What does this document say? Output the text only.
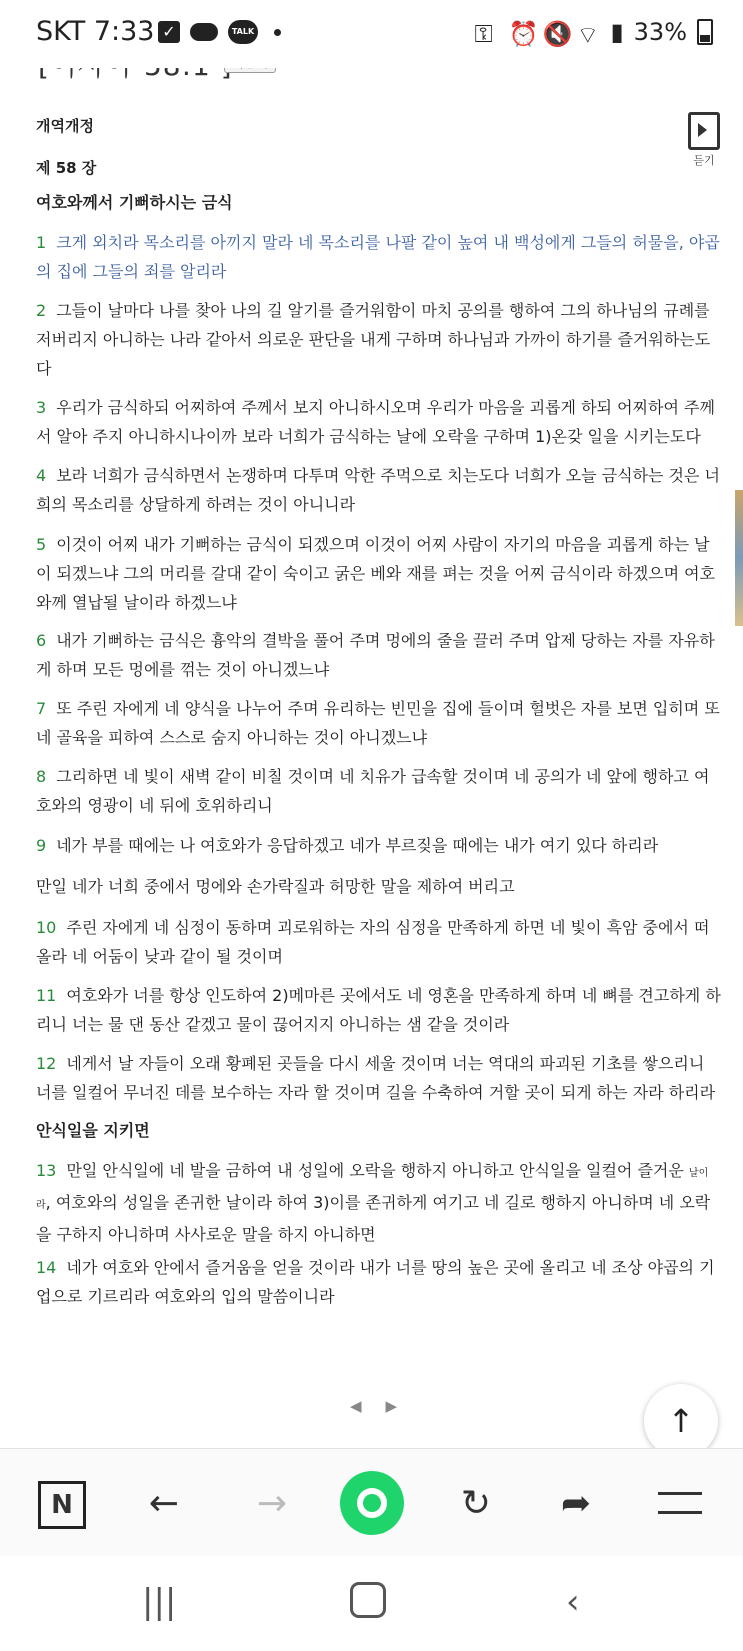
SKT 7:33 ✓	TALK	⚿ ⏰ 🔇 ⌔ ▮ 33%
듣기
개역개정
제 58 장
여호와께서 기뻐하시는 금식
1 크게 외치라 목소리를 아끼지 말라 네 목소리를 나팔 같이 높여 내 백성에게 그들의 허물을, 야곱의 집에 그들의 죄를 알리라
2 그들이 날마다 나를 찾아 나의 길 알기를 즐거워함이 마치 공의를 행하여 그의 하나님의 규례를 저버리지 아니하는 나라 같아서 의로운 판단을 내게 구하며 하나님과 가까이 하기를 즐거워하는도다
3 우리가 금식하되 어찌하여 주께서 보지 아니하시오며 우리가 마음을 괴롭게 하되 어찌하여 주께서 알아 주지 아니하시나이까 보라 너희가 금식하는 날에 오락을 구하며 1)온갖 일을 시키는도다
4 보라 너희가 금식하면서 논쟁하며 다투며 악한 주먹으로 치는도다 너희가 오늘 금식하는 것은 너희의 목소리를 상달하게 하려는 것이 아니니라
5 이것이 어찌 내가 기뻐하는 금식이 되겠으며 이것이 어찌 사람이 자기의 마음을 괴롭게 하는 날이 되겠느냐 그의 머리를 갈대 같이 숙이고 굵은 베와 재를 펴는 것을 어찌 금식이라 하겠으며 여호와께 열납될 날이라 하겠느냐
6 내가 기뻐하는 금식은 흉악의 결박을 풀어 주며 멍에의 줄을 끌러 주며 압제 당하는 자를 자유하게 하며 모든 멍에를 꺾는 것이 아니겠느냐
7 또 주린 자에게 네 양식을 나누어 주며 유리하는 빈민을 집에 들이며 헐벗은 자를 보면 입히며 또 네 골육을 피하여 스스로 숨지 아니하는 것이 아니겠느냐
8 그리하면 네 빛이 새벽 같이 비칠 것이며 네 치유가 급속할 것이며 네 공의가 네 앞에 행하고 여호와의 영광이 네 뒤에 호위하리니
9 네가 부를 때에는 나 여호와가 응답하겠고 네가 부르짖을 때에는 내가 여기 있다 하리라
만일 네가 너희 중에서 멍에와 손가락질과 허망한 말을 제하여 버리고
10 주린 자에게 네 심정이 동하며 괴로워하는 자의 심정을 만족하게 하면 네 빛이 흑암 중에서 떠올라 네 어둠이 낮과 같이 될 것이며
11 여호와가 너를 항상 인도하여 2)메마른 곳에서도 네 영혼을 만족하게 하며 네 뼈를 견고하게 하리니 너는 물 댄 동산 같겠고 물이 끊어지지 아니하는 샘 같을 것이라
12 네게서 날 자들이 오래 황폐된 곳들을 다시 세울 것이며 너는 역대의 파괴된 기초를 쌓으리니 너를 일컬어 무너진 데를 보수하는 자라 할 것이며 길을 수축하여 거할 곳이 되게 하는 자라 하리라
안식일을 지키면
13 만일 안식일에 네 발을 금하여 내 성일에 오락을 행하지 아니하고 안식일을 일컬어 즐거운 날이라, 여호와의 성일을 존귀한 날이라 하여 3)이를 존귀하게 여기고 네 길로 행하지 아니하며 네 오락을 구하지 아니하며 사사로운 말을 하지 아니하면
14 네가 여호와 안에서 즐거움을 얻을 것이라 내가 너를 땅의 높은 곳에 올리고 네 조상 야곱의 기업으로 기르리라 여호와의 입의 말씀이니라
◀▶	↑
N	←	→	↻	➦
|||	‹
